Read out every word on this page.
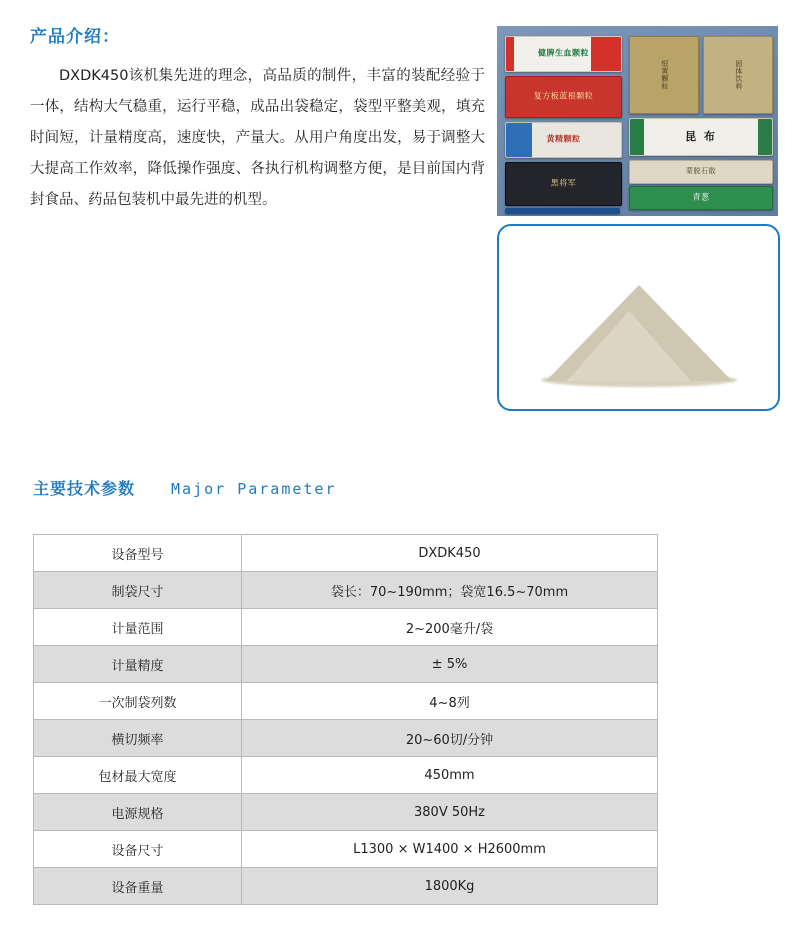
产品介绍：

DXDK450该机集先进的理念，高品质的制件，丰富的装配经验于一体，结构大气稳重，运行平稳，成品出袋稳定，袋型平整美观，填充时间短，计量精度高，速度快，产量大。从用户角度出发，易于调整大大提高工作效率，降低操作强度、各执行机构调整方便，是目前国内背封食品、药品包装机中最先进的机型。

健脾生血颗粒
复方板蓝根颗粒
黄精颗粒
黑将军
恒黄颗粒	固体饮料
昆 布
蒙脱石散
青葱
主要技术参数 Major Parameter
设备型号	DXDK450
制袋尺寸	袋长：70~190mm；袋宽16.5~70mm
计量范围	2~200毫升/袋
计量精度	± 5%
一次制袋列数	4~8列
横切频率	20~60切/分钟
包材最大宽度	450mm
电源规格	380V 50Hz
设备尺寸	L1300 × W1400 × H2600mm
设备重量	1800Kg
